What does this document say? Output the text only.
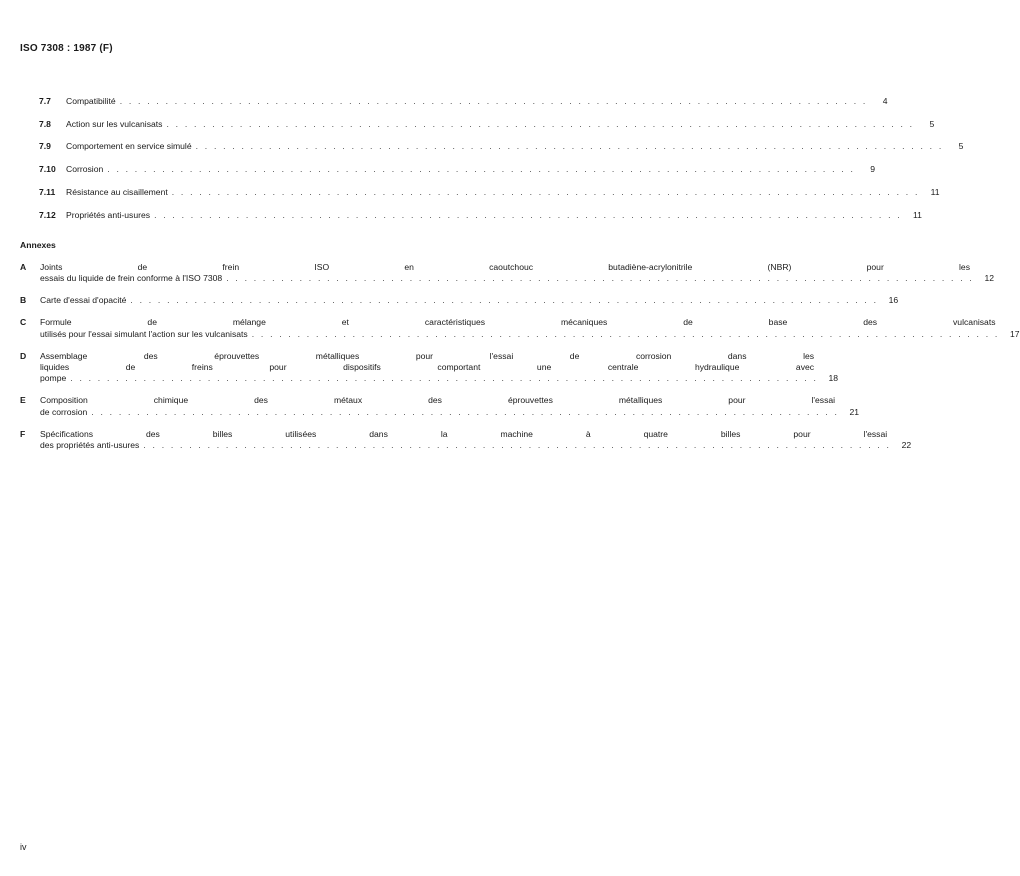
ISO 7308 : 1987 (F)
7.7	Compatibilité . . .	4
7.8	Action sur les vulcanisats . . .	5
7.9	Comportement en service simulé . . .	5
7.10	Corrosion . . .	9
7.11	Résistance au cisaillement . . .	11
7.12	Propriétés anti-usures . . .	11
Annexes
A	Joints de frein ISO en caoutchouc butadiène-acrylonitrile (NBR) pour les
essais du liquide de frein conforme à l'ISO 7308 . . .	12
B	Carte d'essai d'opacité . . .	16
C	Formule de mélange et caractéristiques mécaniques de base des vulcanisats
utilisés pour l'essai simulant l'action sur les vulcanisats . . .	17
D	Assemblage des éprouvettes métalliques pour l'essai de corrosion dans les
liquides de freins pour dispositifs comportant une centrale hydraulique avec
pompe . . .	18
E	Composition chimique des métaux des éprouvettes métalliques pour l'essai
de corrosion . . .	21
F	Spécifications des billes utilisées dans la machine à quatre billes pour l'essai
des propriétés anti-usures . . .	22
iv
